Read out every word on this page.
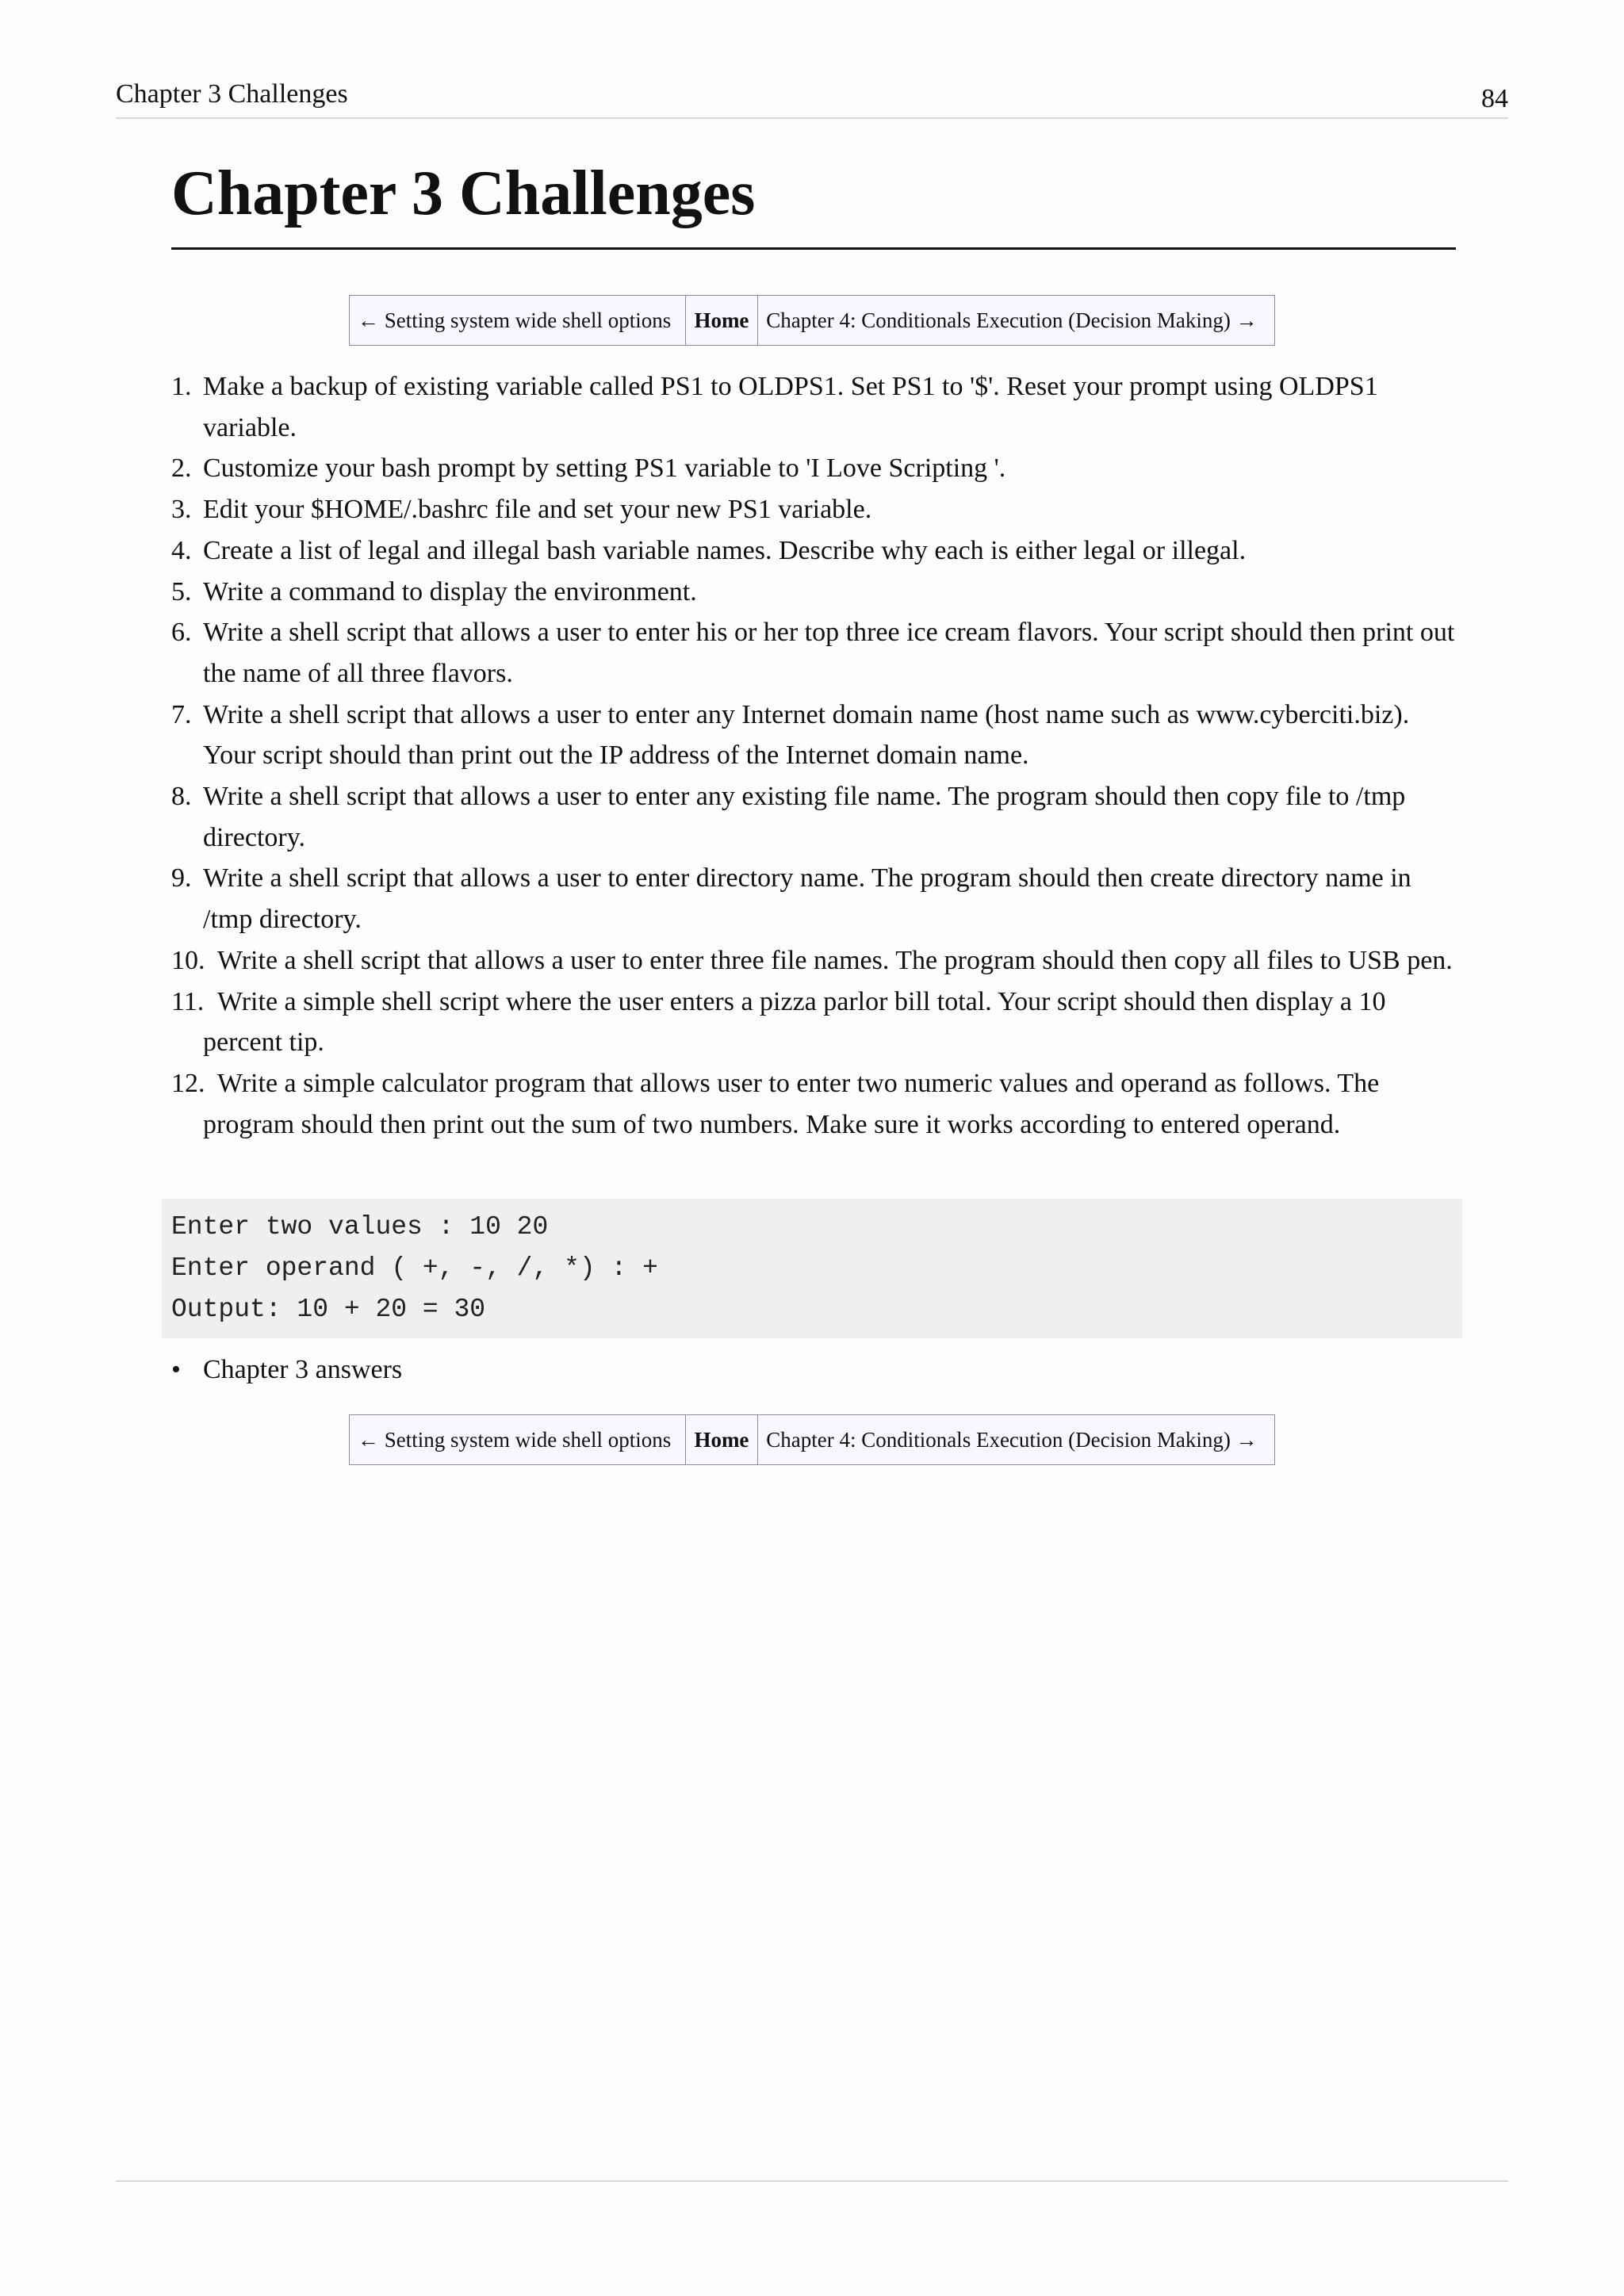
Chapter 3 Challenges	84
Chapter 3 Challenges
← Setting system wide shell options	Home	Chapter 4: Conditionals Execution (Decision Making) →
1. Make a backup of existing variable called PS1 to OLDPS1. Set PS1 to '$'. Reset your prompt using OLDPS1 variable.
2. Customize your bash prompt by setting PS1 variable to 'I Love Scripting '.
3. Edit your $HOME/.bashrc file and set your new PS1 variable.
4. Create a list of legal and illegal bash variable names. Describe why each is either legal or illegal.
5. Write a command to display the environment.
6. Write a shell script that allows a user to enter his or her top three ice cream flavors. Your script should then print out the name of all three flavors.
7. Write a shell script that allows a user to enter any Internet domain name (host name such as www.cyberciti.biz). Your script should than print out the IP address of the Internet domain name.
8. Write a shell script that allows a user to enter any existing file name. The program should then copy file to /tmp directory.
9. Write a shell script that allows a user to enter directory name. The program should then create directory name in /tmp directory.
10. Write a shell script that allows a user to enter three file names. The program should then copy all files to USB pen.
11. Write a simple shell script where the user enters a pizza parlor bill total. Your script should then display a 10 percent tip.
12. Write a simple calculator program that allows user to enter two numeric values and operand as follows. The program should then print out the sum of two numbers. Make sure it works according to entered operand.
Enter two values : 10 20
Enter operand ( +, -, /, *) : +
Output: 10 + 20 = 30
• Chapter 3 answers
← Setting system wide shell options	Home	Chapter 4: Conditionals Execution (Decision Making) →
